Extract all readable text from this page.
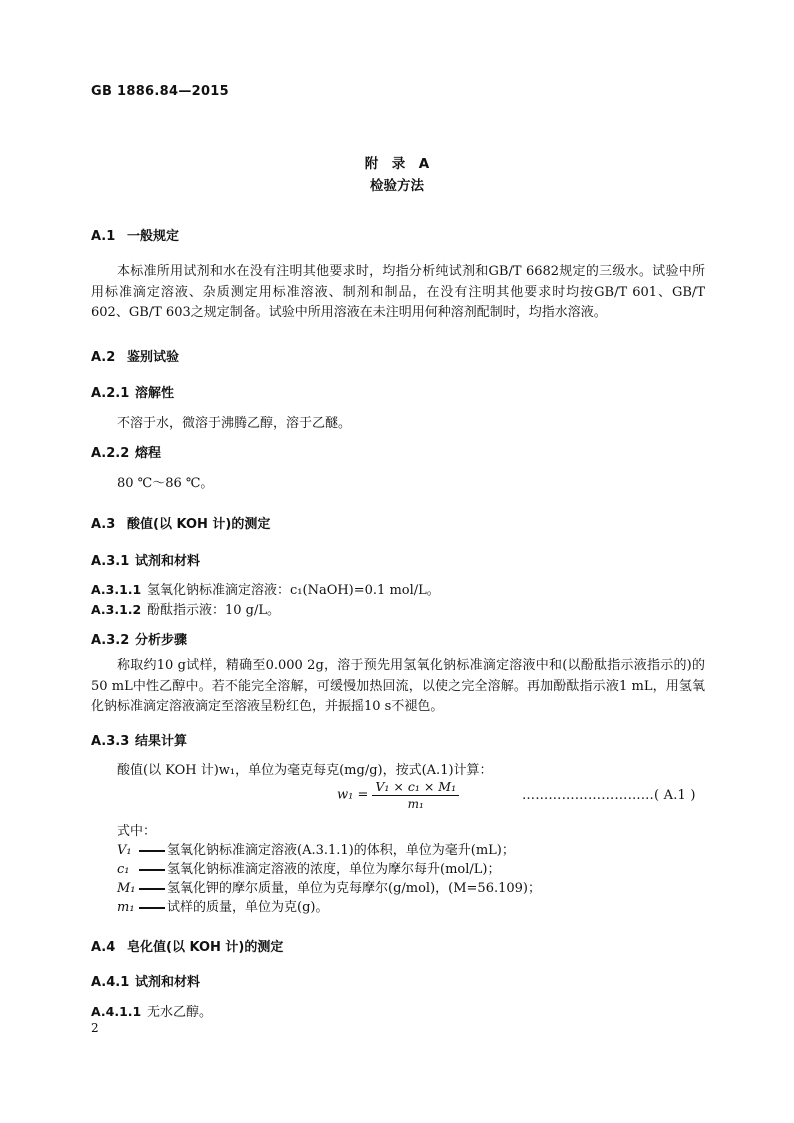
GB 1886.84—2015
附　录　A
检验方法
A.1 一般规定
本标准所用试剂和水在没有注明其他要求时，均指分析纯试剂和GB/T 6682规定的三级水。试验中所用标准滴定溶液、杂质测定用标准溶液、制剂和制品，在没有注明其他要求时均按GB/T 601、GB/T 602、GB/T 603之规定制备。试验中所用溶液在未注明用何种溶剂配制时，均指水溶液。
A.2 鉴别试验
A.2.1 溶解性
不溶于水，微溶于沸腾乙醇，溶于乙醚。
A.2.2 熔程
80 ℃～86 ℃。
A.3 酸值(以 KOH 计)的测定
A.3.1 试剂和材料
A.3.1.1 氢氧化钠标准滴定溶液：c₁(NaOH)=0.1 mol/L。
A.3.1.2 酚酞指示液：10 g/L。
A.3.2 分析步骤
称取约10 g试样，精确至0.000 2g，溶于预先用氢氧化钠标准滴定溶液中和(以酚酞指示液指示的)的50 mL中性乙醇中。若不能完全溶解，可缓慢加热回流，以使之完全溶解。再加酚酞指示液1 mL，用氢氧化钠标准滴定溶液滴定至溶液呈粉红色，并振摇10 s不褪色。
A.3.3 结果计算
酸值(以 KOH 计)w₁，单位为毫克每克(mg/g)，按式(A.1)计算：
$w_1 = \frac{\text{V₁ × c₁ × M₁}}{\text{m₁}}$	…………………………( A.1 )
式中：
V₁	氢氧化钠标准滴定溶液(A.3.1.1)的体积，单位为毫升(mL)；
c₁	氢氧化钠标准滴定溶液的浓度，单位为摩尔每升(mol/L)；
M₁ 氢氧化钾的摩尔质量，单位为克每摩尔(g/mol)，(M=56.109)；
m₁ 试样的质量，单位为克(g)。
A.4 皂化值(以 KOH 计)的测定
A.4.1 试剂和材料
A.4.1.1 无水乙醇。
2
